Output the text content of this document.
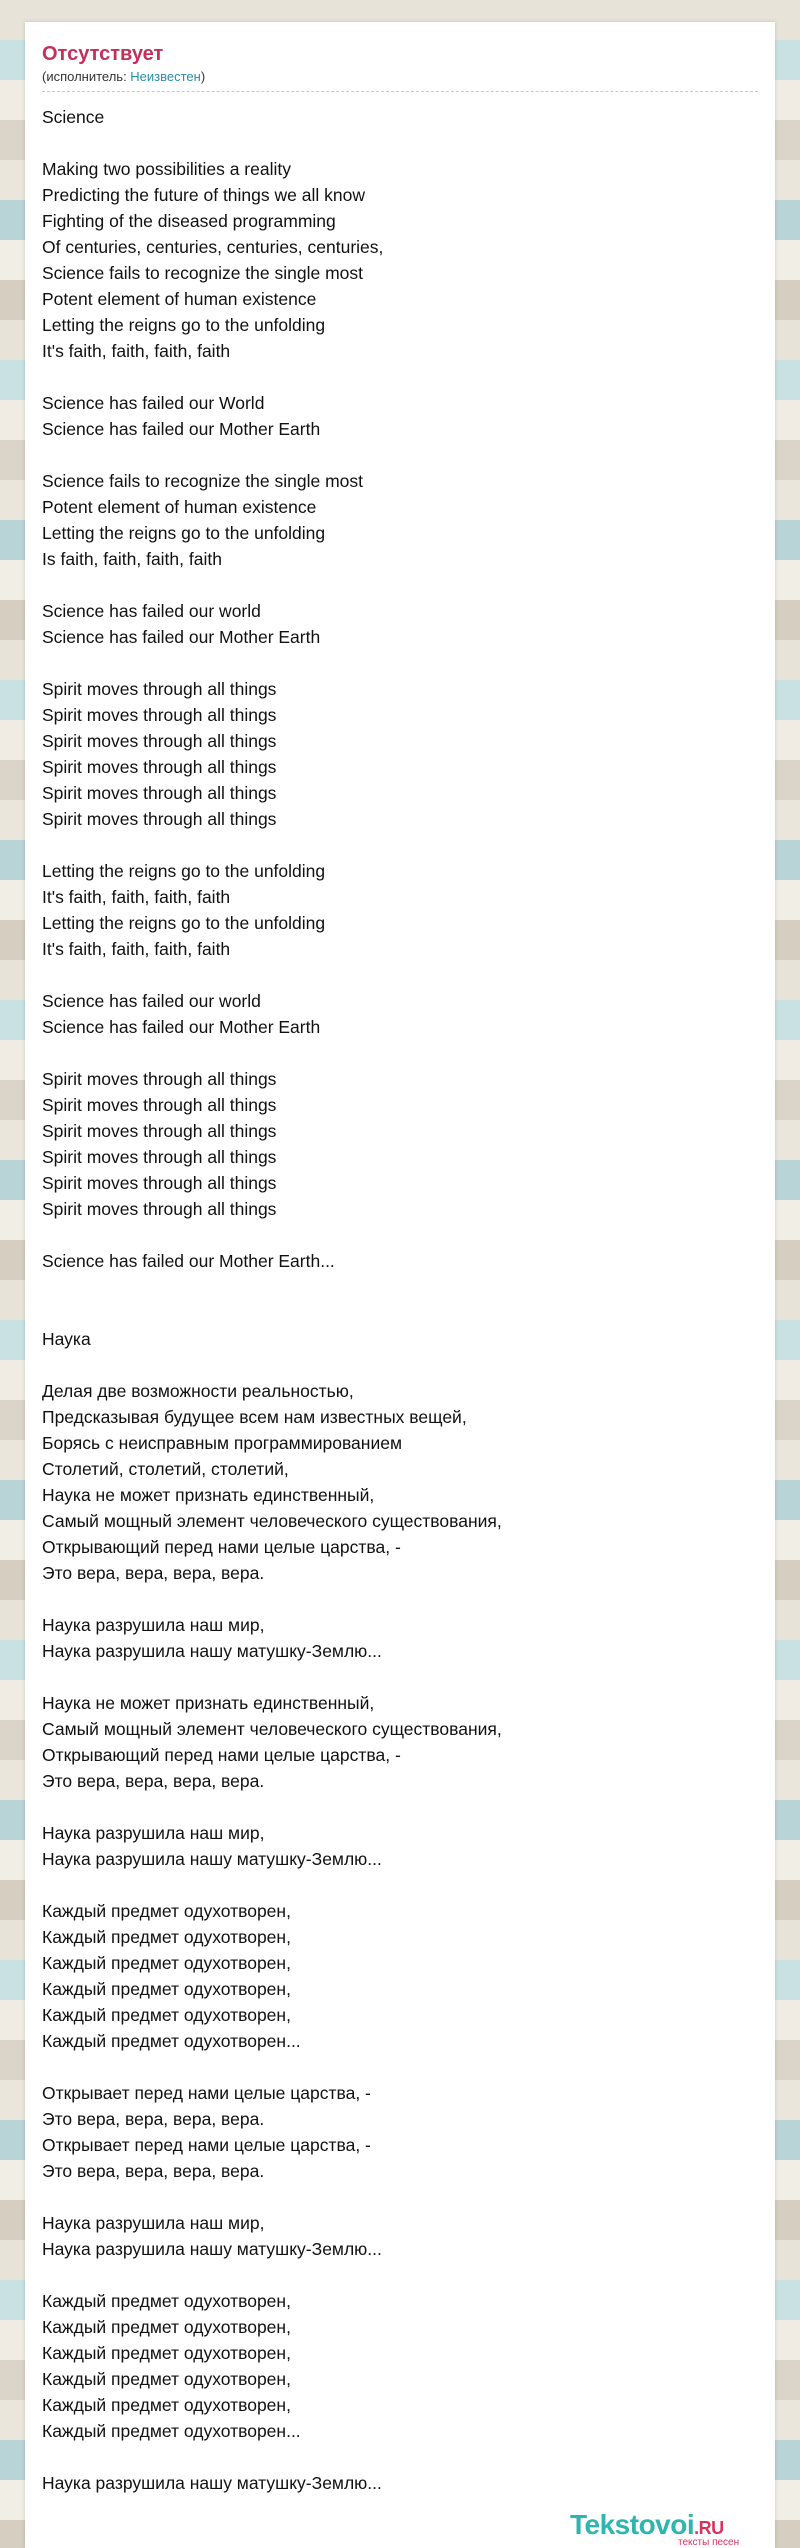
Отсутствует
(исполнитель: Неизвестен)
Science
Making two possibilities a reality
Predicting the future of things we all know
Fighting of the diseased programming
Of centuries, centuries, centuries, centuries,
Science fails to recognize the single most
Potent element of human existence
Letting the reigns go to the unfolding
It's faith, faith, faith, faith
Science has failed our World
Science has failed our Mother Earth
Science fails to recognize the single most
Potent element of human existence
Letting the reigns go to the unfolding
Is faith, faith, faith, faith
Science has failed our world
Science has failed our Mother Earth
Spirit moves through all things
Spirit moves through all things
Spirit moves through all things
Spirit moves through all things
Spirit moves through all things
Spirit moves through all things
Letting the reigns go to the unfolding
It's faith, faith, faith, faith
Letting the reigns go to the unfolding
It's faith, faith, faith, faith
Science has failed our world
Science has failed our Mother Earth
Spirit moves through all things
Spirit moves through all things
Spirit moves through all things
Spirit moves through all things
Spirit moves through all things
Spirit moves through all things
Science has failed our Mother Earth...
Наука
Делая две возможности реальностью,
Предсказывая будущее всем нам известных вещей,
Борясь с неисправным программированием
Столетий, столетий, столетий,
Наука не может признать единственный,
Самый мощный элемент человеческого существования,
Открывающий перед нами целые царства, -
Это вера, вера, вера, вера.
Наука разрушила наш мир,
Наука разрушила нашу матушку-Землю...
Наука не может признать единственный,
Самый мощный элемент человеческого существования,
Открывающий перед нами целые царства, -
Это вера, вера, вера, вера.
Наука разрушила наш мир,
Наука разрушила нашу матушку-Землю...
Каждый предмет одухотворен,
Каждый предмет одухотворен,
Каждый предмет одухотворен,
Каждый предмет одухотворен,
Каждый предмет одухотворен,
Каждый предмет одухотворен...
Открывает перед нами целые царства, -
Это вера, вера, вера, вера.
Открывает перед нами целые царства, -
Это вера, вера, вера, вера.
Наука разрушила наш мир,
Наука разрушила нашу матушку-Землю...
Каждый предмет одухотворен,
Каждый предмет одухотворен,
Каждый предмет одухотворен,
Каждый предмет одухотворен,
Каждый предмет одухотворен,
Каждый предмет одухотворен...
Наука разрушила нашу матушку-Землю...
Tekstovoi.RU
тексты песен
